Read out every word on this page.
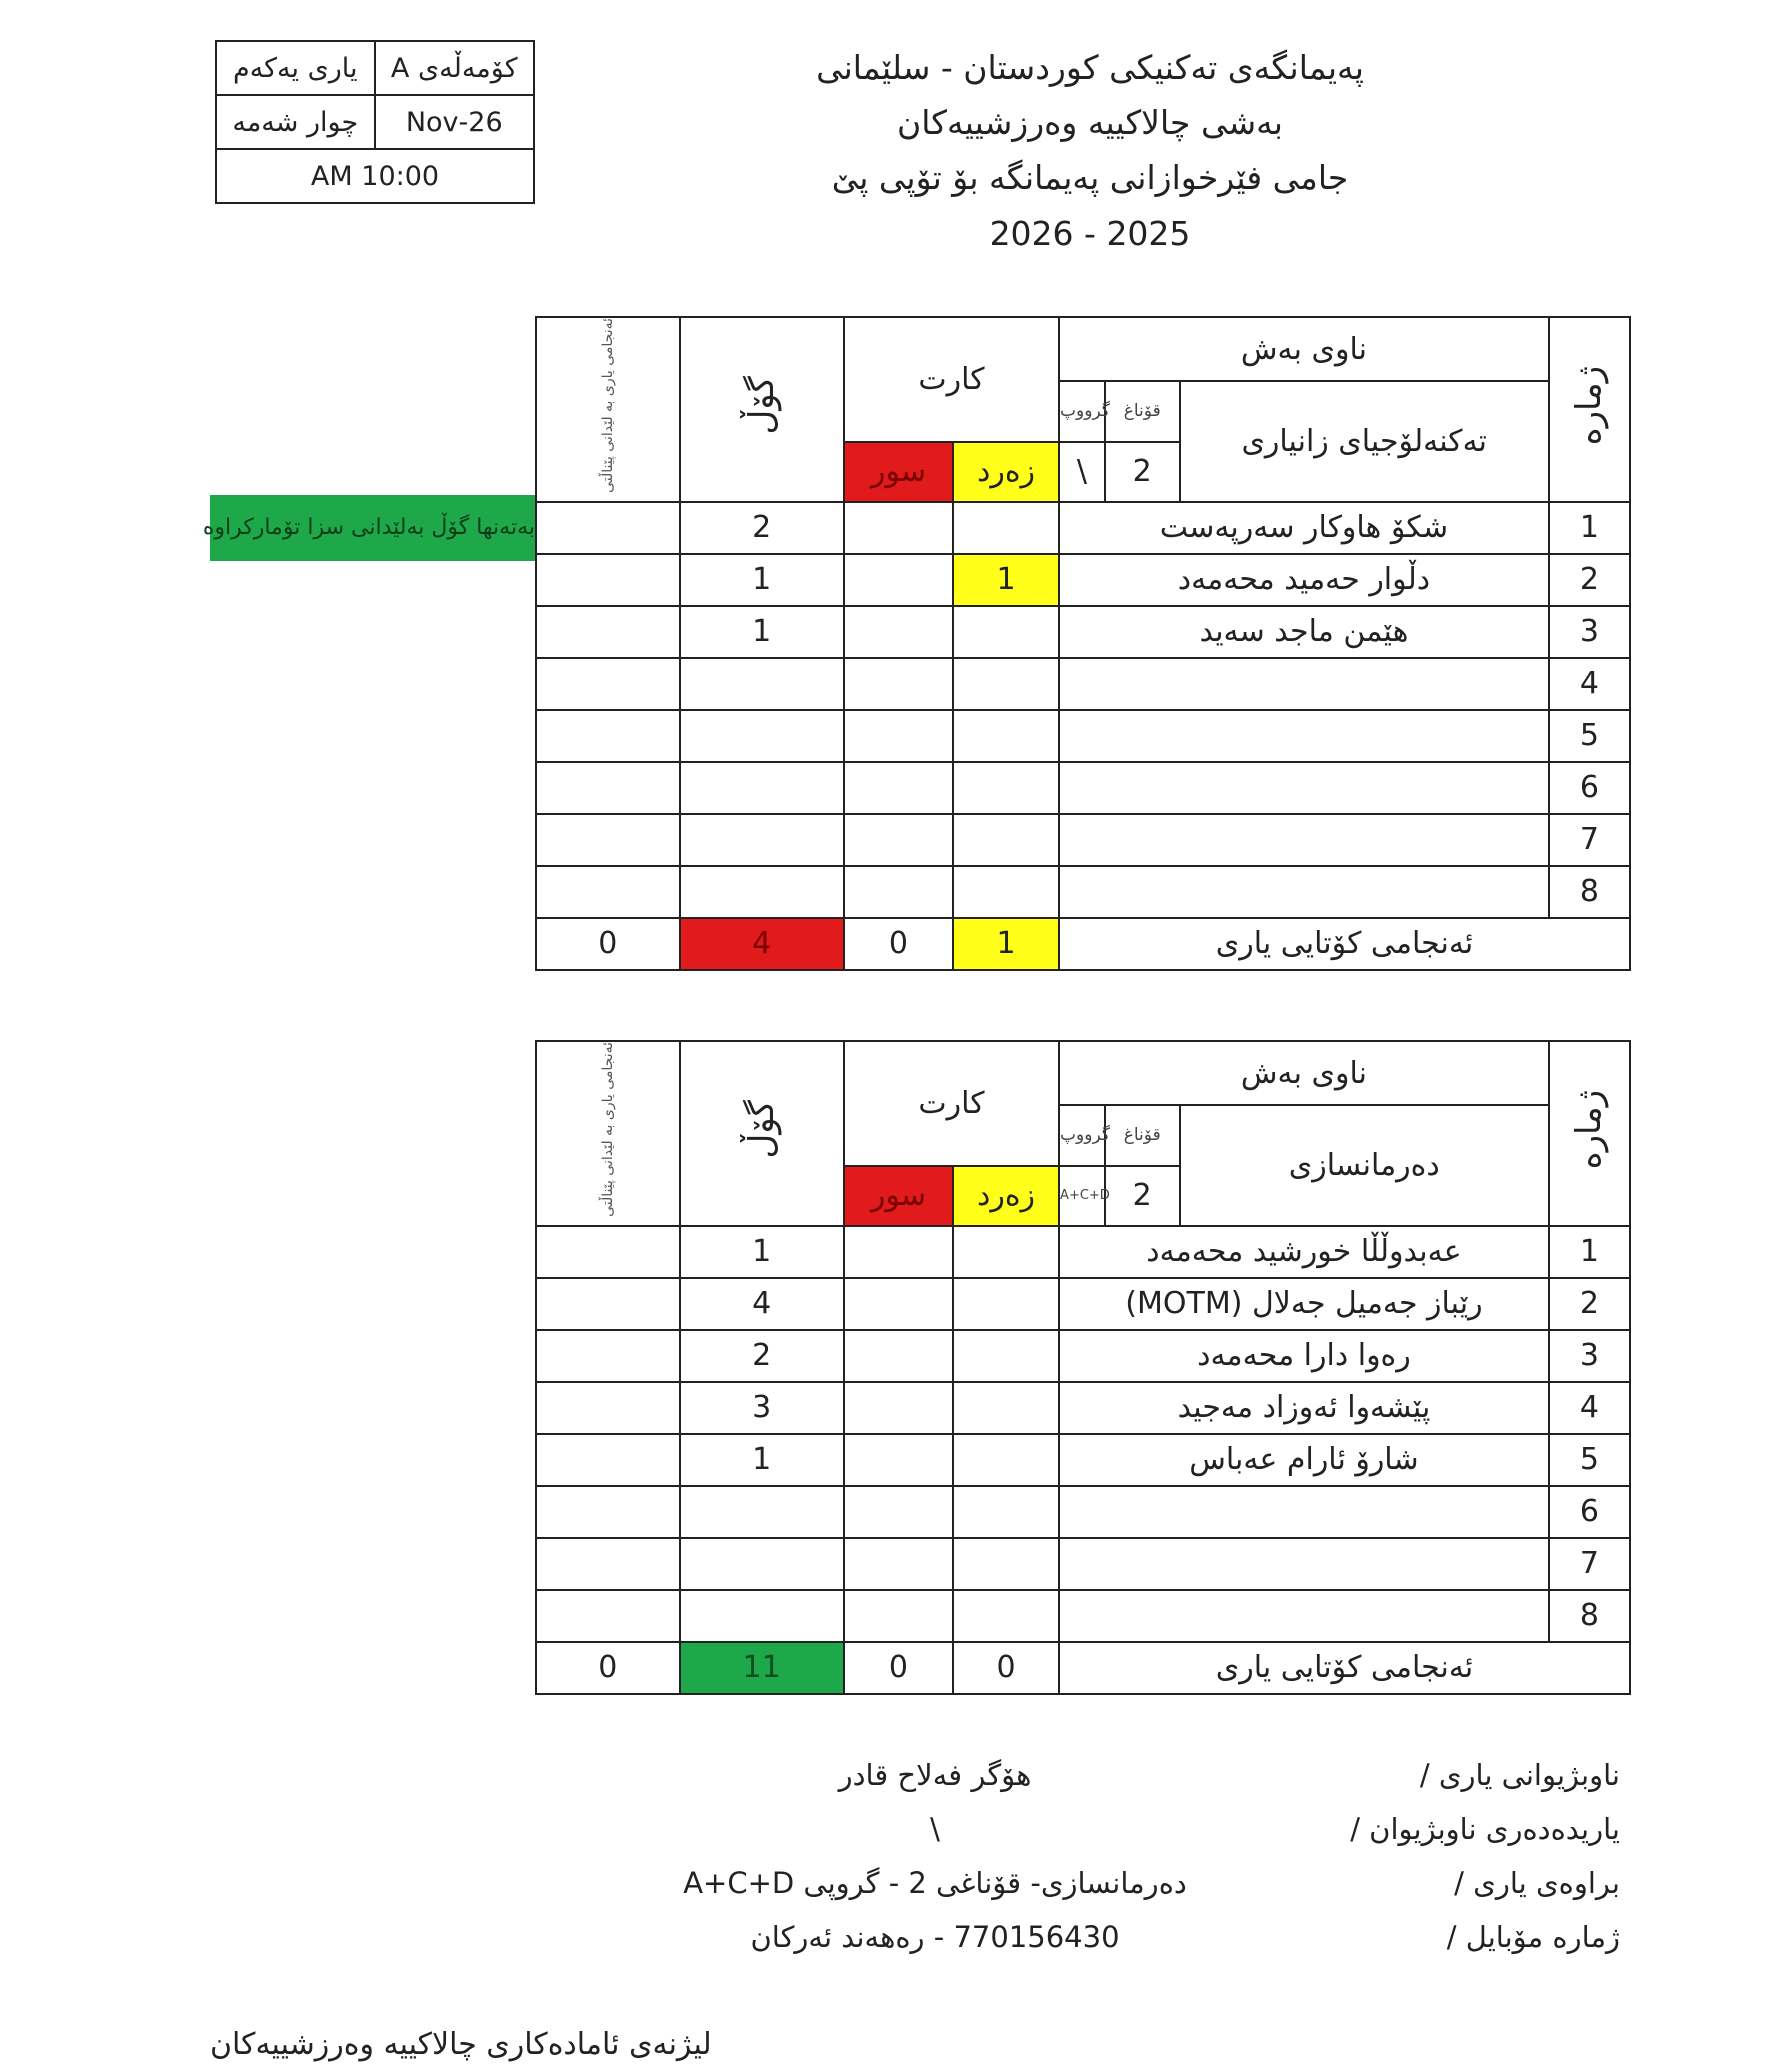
یاری یەکەم	کۆمەڵەی A
چوار شەمە	26-Nov
10:00 AM	
پەیمانگەی تەکنیکی کوردستان - سلێمانی
بەشی چالاکییە وەرزشییەکان
جامی فێرخوازانی پەیمانگە بۆ تۆپی پێ
2025 - 2026
بەتەنها گۆڵ بەلێدانی سزا تۆمارکراوە
ئەنجامی یاری بە لێدانی پێناڵتی	گۆڵ	کارت		ناوی بەش			ژمارە
				گرووپ	قۆناغ	تەکنەلۆجیای زانیاری	
		سور	زەرد	\	2		
	2			شکۆ هاوکار سەرپەست			1
	1		1	دڵوار حەمید محەمەد			2
	1			هێمن ماجد سەید			3
							4
							5
							6
							7
							8
0	4	0	1	ئەنجامی کۆتایی یاری			
ئەنجامی یاری بە لێدانی پێناڵتی	گۆڵ	کارت		ناوی بەش			ژمارە
				گرووپ	قۆناغ	دەرمانسازی	
		سور	زەرد	A+C+D	2		
	1			عەبدوڵڵا خورشید محەمەد			1
	4			رێباز جەمیل جەلال (MOTM)			2
	2			رەوا دارا محەمەد			3
	3			پێشەوا ئەوزاد مەجید			4
	1			شارۆ ئارام عەباس			5
							6
							7
							8
0	11	0	0	ئەنجامی کۆتایی یاری			
ناوبژیوانی یاری /
یاریدەدەری ناوبژیوان /
براوەی یاری /
ژمارە مۆبایل /
هۆگر فەلاح قادر
\
دەرمانسازی- قۆناغی 2 - گروپی A+C+D
770156430 - رەهەند ئەرکان
لیژنەی ئامادەکاری چالاکییە وەرزشییەکان
